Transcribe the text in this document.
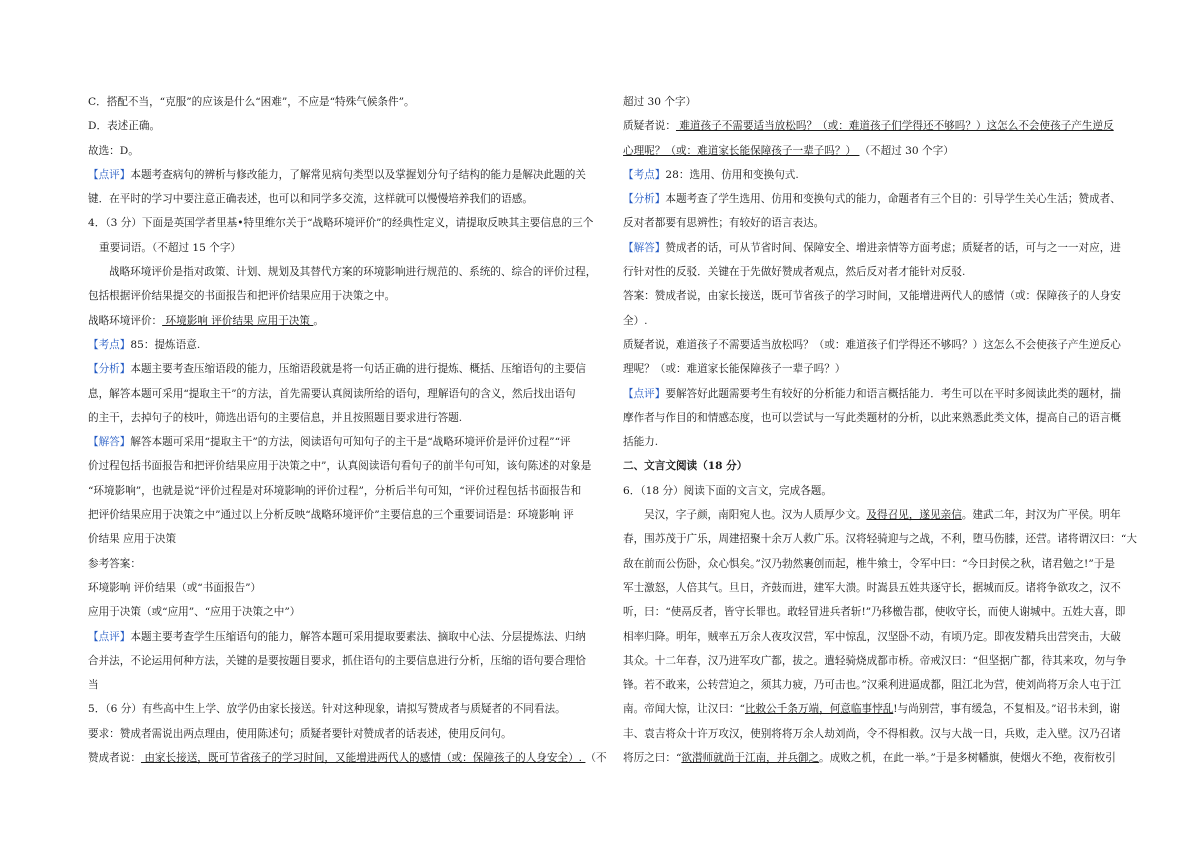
C．搭配不当，“克服”的应该是什么“困难”，不应是“特殊气候条件”。
D．表述正确。
故选：D。
【点评】本题考查病句的辨析与修改能力，了解常见病句类型以及掌握划分句子结构的能力是解决此题的关
键．在平时的学习中要注意正确表述，也可以和同学多交流，这样就可以慢慢培养我们的语感。
4．（3 分）下面是英国学者里基•特里维尔关于“战略环境评价”的经典性定义，请提取反映其主要信息的三个
重要词语。（不超过 15 个字）
战略环境评价是指对政策、计划、规划及其替代方案的环境影响进行规范的、系统的、综合的评价过程，
包括根据评价结果提交的书面报告和把评价结果应用于决策之中。
战略环境评价： 环境影响 评价结果 应用于决策 。
【考点】85：提炼语意.
【分析】本题主要考查压缩语段的能力，压缩语段就是将一句话正确的进行提炼、概括、压缩语句的主要信
息，解答本题可采用“提取主干”的方法，首先需要认真阅读所给的语句，理解语句的含义，然后找出语句
的主干，去掉句子的枝叶，筛选出语句的主要信息，并且按照题目要求进行答题.
【解答】解答本题可采用“提取主干”的方法，阅读语句可知句子的主干是“战略环境评价是评价过程”“评
价过程包括书面报告和把评价结果应用于决策之中”，认真阅读语句看句子的前半句可知，该句陈述的对象是
“环境影响”，也就是说“评价过程是对环境影响的评价过程”，分析后半句可知，“评价过程包括书面报告和
把评价结果应用于决策之中”通过以上分析反映“战略环境评价”主要信息的三个重要词语是：环境影响 评
价结果 应用于决策
参考答案：
环境影响 评价结果（或“书面报告”）
应用于决策（或“应用”、“应用于决策之中”）
【点评】本题主要考查学生压缩语句的能力，解答本题可采用提取要素法、摘取中心法、分层提炼法、归纳
合并法，不论运用何种方法，关键的是要按题目要求，抓住语句的主要信息进行分析，压缩的语句要合理恰
当
5．（6 分）有些高中生上学、放学仍由家长接送。针对这种现象，请拟写赞成者与质疑者的不同看法。
要求：赞成者需说出两点理由，使用陈述句；质疑者要针对赞成者的话表述，使用反问句。
赞成者说： 由家长接送，既可节省孩子的学习时间，又能增进两代人的感情（或：保障孩子的人身安全）. （不
超过 30 个字）
质疑者说： 难道孩子不需要适当放松吗？（或：难道孩子们学得还不够吗？）这怎么不会使孩子产生逆反
心理呢？（或：难道家长能保障孩子一辈子吗？） （不超过 30 个字）
【考点】28：选用、仿用和变换句式.
【分析】本题考查了学生选用、仿用和变换句式的能力，命题者有三个目的：引导学生关心生活；赞成者、
反对者都要有思辨性；有较好的语言表达。
【解答】赞成者的话，可从节省时间、保障安全、增进亲情等方面考虑；质疑者的话，可与之一一对应，进
行针对性的反驳．关键在于先做好赞成者观点，然后反对者才能针对反驳.
答案：赞成者说，由家长接送，既可节省孩子的学习时间，又能增进两代人的感情（或：保障孩子的人身安
全）.
质疑者说，难道孩子不需要适当放松吗？（或：难道孩子们学得还不够吗？）这怎么不会使孩子产生逆反心
理呢？（或：难道家长能保障孩子一辈子吗？）
【点评】要解答好此题需要考生有较好的分析能力和语言概括能力．考生可以在平时多阅读此类的题材，揣
摩作者与作目的和情感态度，也可以尝试与一写此类题材的分析，以此来熟悉此类文体，提高自己的语言概
括能力.
二、文言文阅读（18 分）
6．（18 分）阅读下面的文言文，完成各题。
吴汉，字子颜，南阳宛人也。汉为人质厚少文。及得召见，遂见亲信。建武二年，封汉为广平侯。明年
春，围苏茂于广乐，周建招聚十余万人救广乐。汉将轻骑迎与之战，不利，堕马伤膝，还营。诸将谓汉曰：“大
敌在前而公伤卧，众心惧矣。”汉乃勃然裹创而起，椎牛飨士，令军中曰：“今日封侯之秋，诸君勉之!”于是
军士激怒，人倍其气。旦日，齐鼓而进，建军大溃。时嵩县五姓共逐守长，据城而反。诸将争欲攻之，汉不
听，曰：“使鬲反者，皆守长罪也。敢轻冒进兵者斩!”乃移檄告郡，使收守长，而使人谢城中。五姓大喜，即
相率归降。明年，贼率五万余人夜攻汉营，军中惊乱，汉坚卧不动，有顷乃定。即夜发精兵出营突击，大破
其众。十二年春，汉乃进军攻广都，拔之。遣轻骑烧成都市桥。帝戒汉曰：“但坚据广都，待其来攻，勿与争
锋。若不敢来，公转营迫之，须其力疲，乃可击也。”汉乘利进逼成都，阻江北为营，使刘尚将万余人屯于江
南。帝闻大惊，让汉曰：“比敕公千条万端，何意临事悖乱!与尚别营，事有缓急，不复相及。”诏书未到，谢
丰、袁吉将众十许万攻汉，使别将将万余人劫刘尚，令不得相救。汉与大战一日，兵败，走入壁。汉乃召诸
将厉之曰：“欲潜师就尚于江南，并兵御之。成败之机，在此一举。”于是多树幡旗，使烟火不绝，夜衔枚引
